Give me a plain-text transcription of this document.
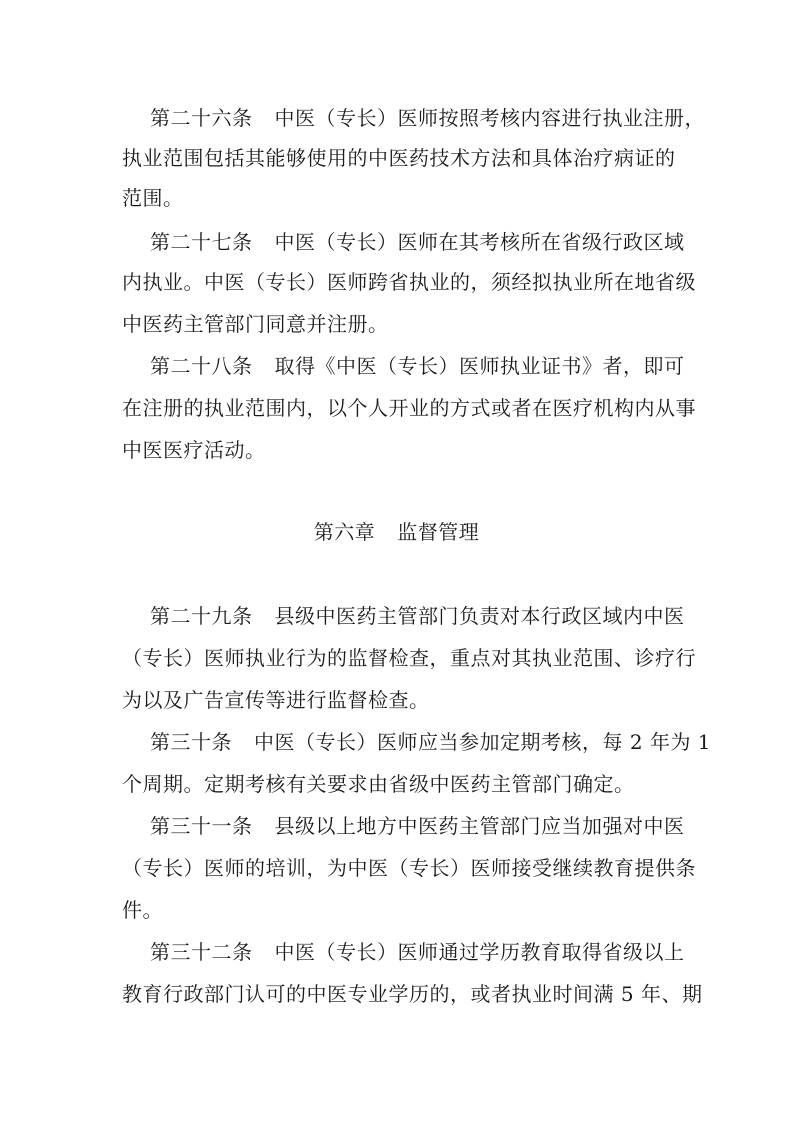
第二十六条 中医（专长）医师按照考核内容进行执业注册，
执业范围包括其能够使用的中医药技术方法和具体治疗病证的
范围。
第二十七条 中医（专长）医师在其考核所在省级行政区域
内执业。中医（专长）医师跨省执业的，须经拟执业所在地省级
中医药主管部门同意并注册。
第二十八条 取得《中医（专长）医师执业证书》者，即可
在注册的执业范围内，以个人开业的方式或者在医疗机构内从事
中医医疗活动。
第六章 监督管理
第二十九条 县级中医药主管部门负责对本行政区域内中医
（专长）医师执业行为的监督检查，重点对其执业范围、诊疗行
为以及广告宣传等进行监督检查。
第三十条 中医（专长）医师应当参加定期考核，每 2 年为 1
个周期。定期考核有关要求由省级中医药主管部门确定。
第三十一条 县级以上地方中医药主管部门应当加强对中医
（专长）医师的培训，为中医（专长）医师接受继续教育提供条
件。
第三十二条 中医（专长）医师通过学历教育取得省级以上
教育行政部门认可的中医专业学历的，或者执业时间满 5 年、期
